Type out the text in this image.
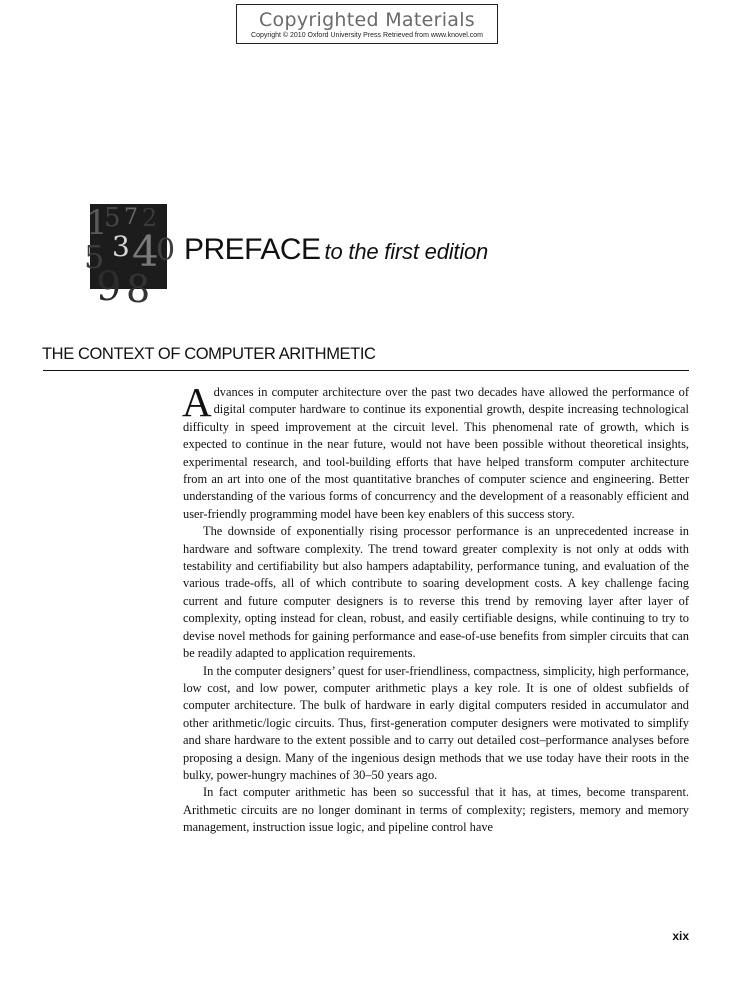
Copyrighted Materials
Copyright © 2010 Oxford University Press Retrieved from www.knovel.com
1
5 7 2
3 4
0
5
9 8
PREFACE to the first edition
THE CONTEXT OF COMPUTER ARITHMETIC

Advances in computer architecture over the past two decades have allowed the performance of digital computer hardware to continue its exponential growth, despite increasing technological difficulty in speed improvement at the circuit level. This phenomenal rate of growth, which is expected to continue in the near future, would not have been possible without theoretical insights, experimental research, and tool-building efforts that have helped transform computer architecture from an art into one of the most quantitative branches of computer science and engineering. Better understanding of the various forms of concurrency and the development of a reasonably efficient and user-friendly programming model have been key enablers of this success story.

The downside of exponentially rising processor performance is an unprecedented increase in hardware and software complexity. The trend toward greater complexity is not only at odds with testability and certifiability but also hampers adaptability, performance tuning, and evaluation of the various trade-offs, all of which contribute to soaring development costs. A key challenge facing current and future computer designers is to reverse this trend by removing layer after layer of complexity, opting instead for clean, robust, and easily certifiable designs, while continuing to try to devise novel methods for gaining performance and ease-of-use benefits from simpler circuits that can be readily adapted to application requirements.

In the computer designers’ quest for user-friendliness, compactness, simplicity, high performance, low cost, and low power, computer arithmetic plays a key role. It is one of oldest subfields of computer architecture. The bulk of hardware in early digital computers resided in accumulator and other arithmetic/logic circuits. Thus, first-generation computer designers were motivated to simplify and share hardware to the extent possible and to carry out detailed cost–performance analyses before proposing a design. Many of the ingenious design methods that we use today have their roots in the bulky, power-hungry machines of 30–50 years ago.

In fact computer arithmetic has been so successful that it has, at times, become transparent. Arithmetic circuits are no longer dominant in terms of complexity; registers, memory and memory management, instruction issue logic, and pipeline control have

xix
